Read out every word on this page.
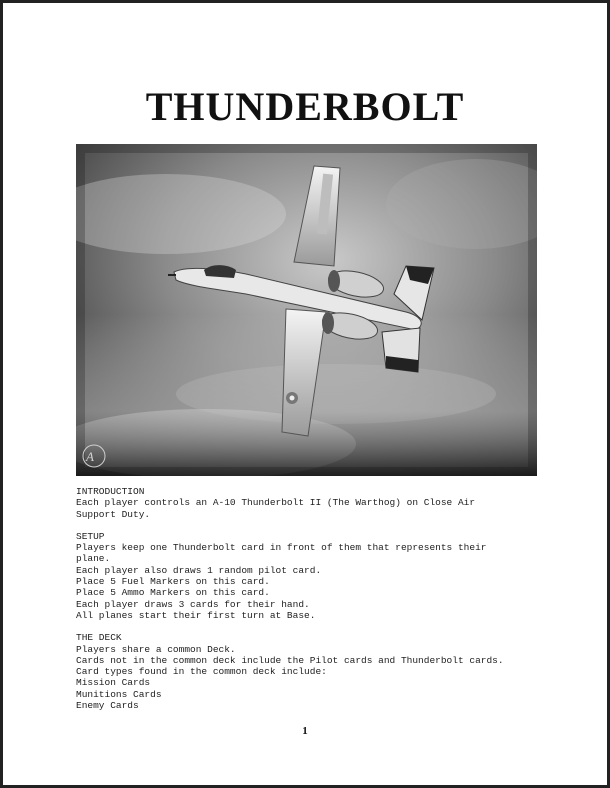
THUNDERBOLT
A
INTRODUCTION
Each player controls an A-10 Thunderbolt II (The Warthog) on Close Air
Support Duty.
SETUP
Players keep one Thunderbolt card in front of them that represents their
plane.
Each player also draws 1 random pilot card.
Place 5 Fuel Markers on this card.
Place 5 Ammo Markers on this card.
Each player draws 3 cards for their hand.
All planes start their first turn at Base.
THE DECK
Players share a common Deck.
Cards not in the common deck include the Pilot cards and Thunderbolt cards.
Card types found in the common deck include:
Mission Cards
Munitions Cards
Enemy Cards
1
